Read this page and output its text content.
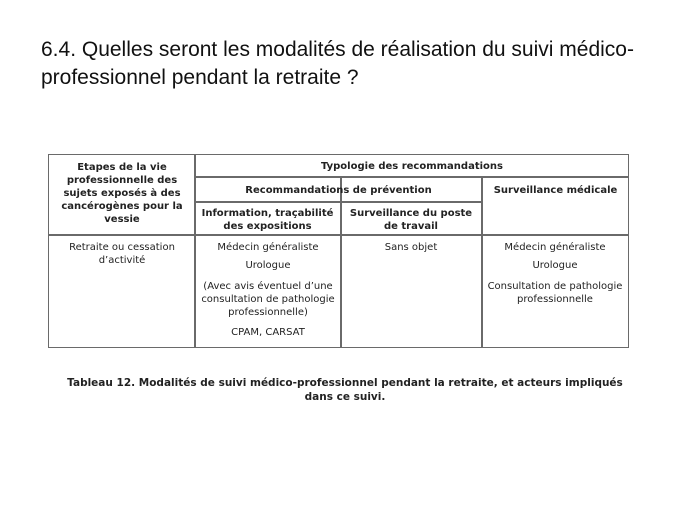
6.4. Quelles seront les modalités de réalisation du suivi médico-professionnel pendant la retraite ?
Etapes de la vie professionnelle des sujets exposés à des cancérogènes pour la vessie
Typologie des recommandations
Recommandations de prévention	Surveillance médicale
Information, traçabilité des expositions
Surveillance du poste de travail
Retraite ou cessation d’activité

Médecin généraliste

Urologue

(Avec avis éventuel d’une consultation de pathologie professionnelle)

CPAM, CARSAT

Sans objet	Médecin généraliste

Urologue

Consultation de pathologie professionnelle

Tableau 12. Modalités de suivi médico-professionnel pendant la retraite, et acteurs impliqués dans ce suivi.
